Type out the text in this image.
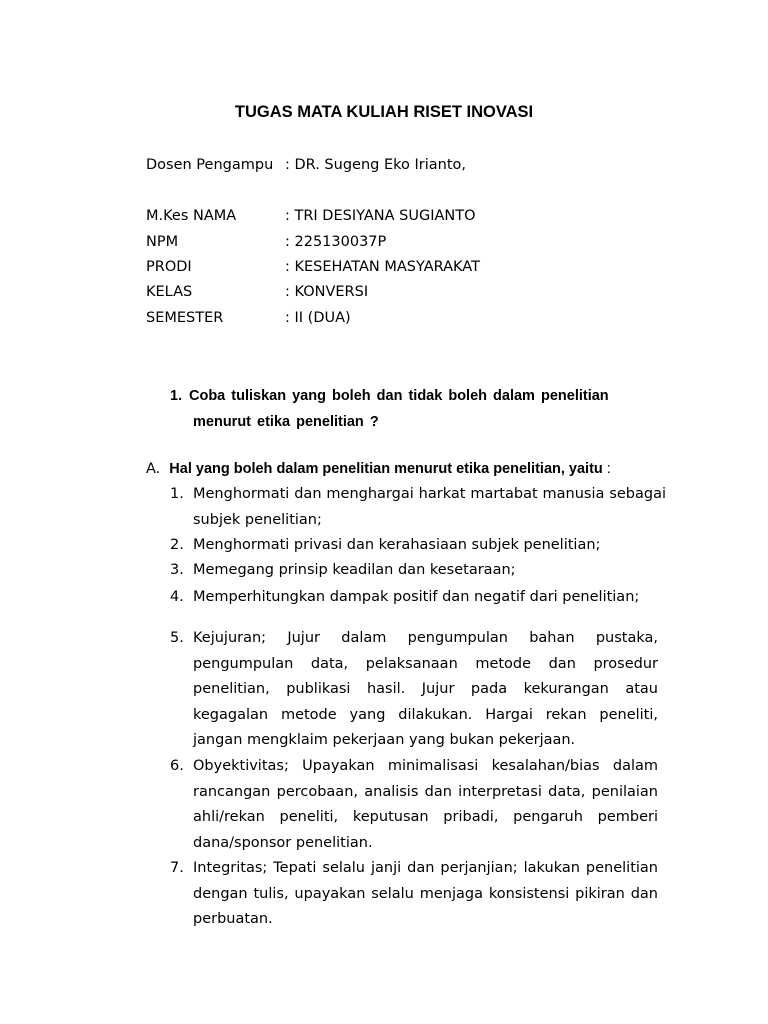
TUGAS MATA KULIAH RISET INOVASI
Dosen Pengampu : DR. Sugeng Eko Irianto,
M.Kes NAMA	: TRI DESIYANA SUGIANTO
NPM	: 225130037P
PRODI	: KESEHATAN MASYARAKAT
KELAS	: KONVERSI
SEMESTER	: II (DUA)
1. Coba tuliskan yang boleh dan tidak boleh dalam penelitian menurut etika penelitian ?
A. Hal yang boleh dalam penelitian menurut etika penelitian, yaitu :
1. Menghormati dan menghargai harkat martabat manusia sebagai subjek penelitian;
2. Menghormati privasi dan kerahasiaan subjek penelitian;
3. Memegang prinsip keadilan dan kesetaraan;
4. Memperhitungkan dampak positif dan negatif dari penelitian;
5. Kejujuran; Jujur dalam pengumpulan bahan pustaka, pengumpulan data, pelaksanaan metode dan prosedur penelitian, publikasi hasil. Jujur pada kekurangan atau kegagalan metode yang dilakukan. Hargai rekan peneliti, jangan mengklaim pekerjaan yang bukan pekerjaan.
6. Obyektivitas; Upayakan minimalisasi kesalahan/bias dalam rancangan percobaan, analisis dan interpretasi data, penilaian ahli/rekan peneliti, keputusan pribadi, pengaruh pemberi dana/sponsor penelitian.
7. Integritas; Tepati selalu janji dan perjanjian; lakukan penelitian dengan tulis, upayakan selalu menjaga konsistensi pikiran dan perbuatan.
